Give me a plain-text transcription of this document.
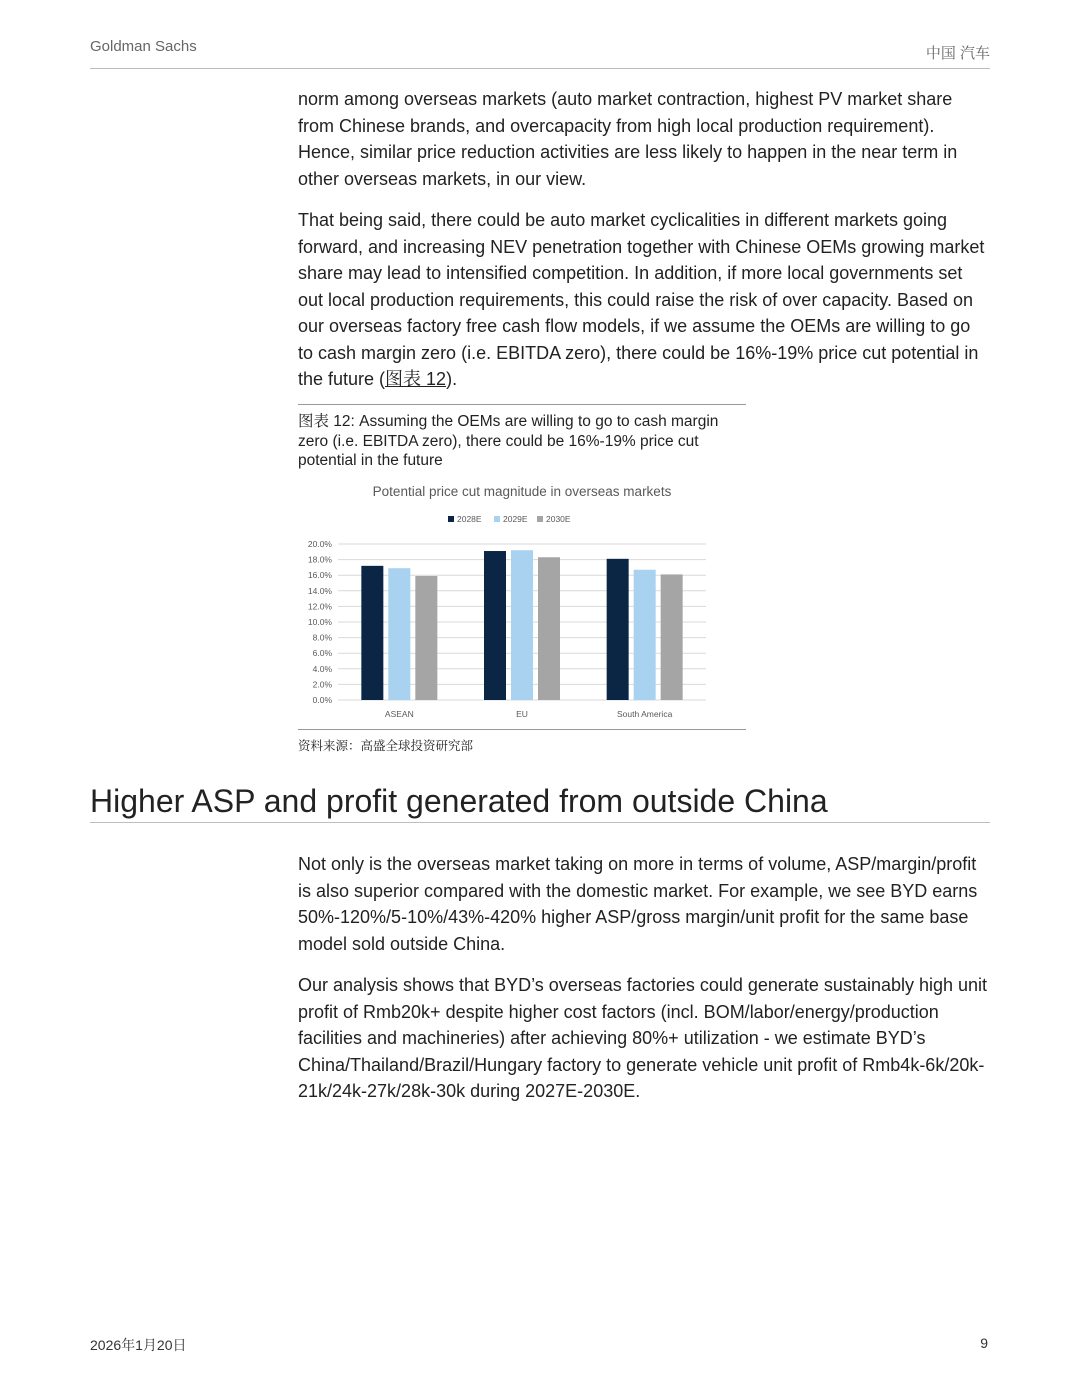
Goldman Sachs	中国 汽车

norm among overseas markets (auto market contraction, highest PV market share from Chinese brands, and overcapacity from high local production requirement). Hence, similar price reduction activities are less likely to happen in the near term in other overseas markets, in our view.

That being said, there could be auto market cyclicalities in different markets going forward, and increasing NEV penetration together with Chinese OEMs growing market share may lead to intensified competition. In addition, if more local governments set out local production requirements, this could raise the risk of over capacity. Based on our overseas factory free cash flow models, if we assume the OEMs are willing to go to cash margin zero (i.e. EBITDA zero), there could be 16%-19% price cut potential in the future (图表 12).

图表 12: Assuming the OEMs are willing to go to cash margin zero (i.e. EBITDA zero), there could be 16%-19% price cut potential in the future
Potential price cut magnitude in overseas markets
2028E	2029E 2030E
20.0%
18.0%
16.0%
14.0%
12.0%
10.0%
8.0%
6.0%
4.0%
2.0%
0.0%
ASEAN	EU	South America
资料来源：高盛全球投资研究部
Higher ASP and profit generated from outside China

Not only is the overseas market taking on more in terms of volume, ASP/margin/profit is also superior compared with the domestic market. For example, we see BYD earns 50%-120%/5-10%/43%-420% higher ASP/gross margin/unit profit for the same base model sold outside China.

Our analysis shows that BYD’s overseas factories could generate sustainably high unit profit of Rmb20k+ despite higher cost factors (incl. BOM/labor/energy/production facilities and machineries) after achieving 80%+ utilization - we estimate BYD’s China/Thailand/Brazil/Hungary factory to generate vehicle unit profit of Rmb4k-6k/20k-21k/24k-27k/28k-30k during 2027E-2030E.

2026年1月20日	9
